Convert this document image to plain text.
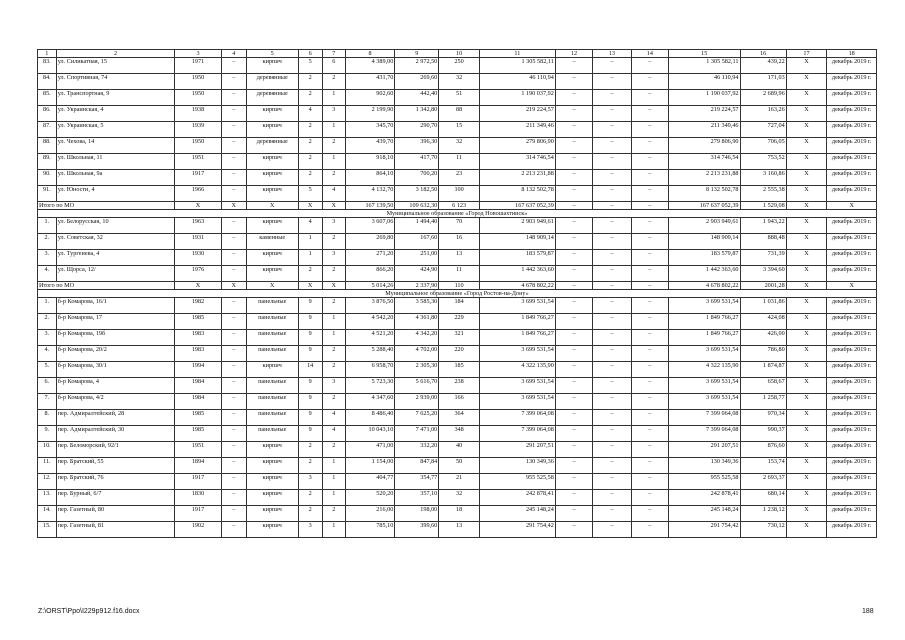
1	2	3	4	5	6	7	8	9	10	11	12	13	14	15	16	17	18
83.	ул. Силикатная, 15	1971	–	кирпич	5	6	4 389,00	2 972,50	250	1 305 582,11	–	–	–	1 305 582,11	439,22	X	декабрь 2019 г.
84.	ул. Спортивная, 74	1950	–	деревянные	2	2	431,70	269,60	32	46 110,94	–	–	–	46 110,94	171,03	X	декабрь 2019 г.
85.	ул. Транспортная, 9	1950	–	деревянные	2	1	902,60	442,40	51	1 190 037,92	–	–	–	1 190 037,92	2 689,96	X	декабрь 2019 г.
86.	ул. Украинская, 4	1938	–	кирпич	4	3	2 199,90	1 342,80	88	219 224,57	–	–	–	219 224,57	163,26	X	декабрь 2019 г.
87.	ул. Украинская, 5	1939	–	кирпич	2	1	345,70	290,70	15	211 349,46	–	–	–	211 349,46	727,04	X	декабрь 2019 г.
88.	ул. Чехова, 14	1950	–	деревянные	2	2	439,70	396,30	32	279 806,90	–	–	–	279 806,90	706,05	X	декабрь 2019 г.
89.	ул. Школьная, 11	1951	–	кирпич	2	1	918,10	417,70	11	314 746,54	–	–	–	314 746,54	753,52	X	декабрь 2019 г.
90.	ул. Школьная, 9а	1917	–	кирпич	2	2	864,10	700,20	23	2 213 231,88	–	–	–	2 213 231,88	3 160,86	X	декабрь 2019 г.
91.	ул. Юности, 4	1966	–	кирпич	5	4	4 132,70	3 182,50	100	8 132 502,78	–	–	–	8 132 502,78	2 555,38	X	декабрь 2019 г.
Итого по МО		X	X	X	X	X	167 139,50	109 632,30	6 123	167 637 052,39	–	–	–	167 637 052,39	1 529,08	X	X
Муниципальное образование «Город Новошахтинск»																	
1.	ул. Белорусская, 10	1963	–	кирпич	4	3	3 607,06	1 494,40	70	2 903 949,61	–	–	–	2 903 949,61	1 943,22	X	декабрь 2019 г.
2.	ул. Советская, 32	1931	–	каменные	1	2	269,80	167,60	16	148 909,14	–	–	–	148 909,14	888,48	X	декабрь 2019 г.
3.	ул. Тургенева, 4	1930	–	кирпич	1	3	271,20	251,00	13	183 579,87	–	–	–	183 579,87	731,39	X	декабрь 2019 г.
4.	ул. Щорса, 12/	1976	–	кирпич	2	2	866,20	424,90	11	1 442 363,60	–	–	–	1 442 363,60	3 394,60	X	декабрь 2019 г.
Итого по МО		X	X	X	X	X	5 014,26	2 337,90	110	4 678 802,22	–	–	–	4 678 802,22	2001,28	X	X
Муниципальное образование «Город Ростов-на-Дону»																	
1.	б-р Комарова, 16/1	1982	–	панельные	9	2	3 876,50	3 585,30	184	3 699 531,54	–	–	–	3 699 531,54	1 031,86	X	декабрь 2019 г.
2.	б-р Комарова, 17	1985	–	панельные	9	1	4 542,20	4 361,80	229	1 849 766,27	–	–	–	1 849 766,27	424,08	X	декабрь 2019 г.
3.	б-р Комарова, 19б	1983	–	панельные	9	1	4 521,20	4 342,20	321	1 849 766,27	–	–	–	1 849 766,27	426,00	X	декабрь 2019 г.
4.	б-р Комарова, 20/2	1983	–	панельные	9	2	5 288,40	4 702,00	220	3 699 531,54	–	–	–	3 699 531,54	786,80	X	декабрь 2019 г.
5.	б-р Комарова, 30/1	1994	–	кирпич	14	2	6 958,70	2 305,30	185	4 322 135,90	–	–	–	4 322 135,90	1 874,87	X	декабрь 2019 г.
6.	б-р Комарова, 4	1984	–	панельные	9	3	5 723,30	5 616,70	238	3 699 531,54	–	–	–	3 699 531,54	658,67	X	декабрь 2019 г.
7.	б-р Комарова, 4/2	1984	–	панельные	9	2	4 347,60	2 939,00	166	3 699 531,54	–	–	–	3 699 531,54	1 258,77	X	декабрь 2019 г.
8.	пер. Адмиралтейский, 28	1985	–	панельные	9	4	8 486,40	7 625,20	364	7 399 064,08	–	–	–	7 399 064,08	970,34	X	декабрь 2019 г.
9.	пер. Адмиралтейский, 30	1985	–	панельные	9	4	10 043,10	7 471,00	348	7 399 064,08	–	–	–	7 399 064,08	990,37	X	декабрь 2019 г.
10.	пер. Беломорский, 92/1	1951	–	кирпич	2	2	471,00	332,20	40	291 207,51	–	–	–	291 207,51	876,60	X	декабрь 2019 г.
11.	пер. Братский, 55	1894	–	кирпич	2	1	1 154,00	847,84	50	130 349,36	–	–	–	130 349,36	153,74	X	декабрь 2019 г.
12.	пер. Братский, 76	1917	–	кирпич	3	1	404,77	354,77	21	955 525,58	–	–	–	955 525,58	2 693,37	X	декабрь 2019 г.
13.	пер. Бурный, 6/7	1830	–	кирпич	2	1	520,20	357,10	32	242 878,41	–	–	–	242 878,41	680,14	X	декабрь 2019 г.
14.	пер. Газетный, 80	1917	–	кирпич	2	2	216,00	198,00	18	245 148,24	–	–	–	245 148,24	1 238,12	X	декабрь 2019 г.
15.	пер. Газетный, 81	1902	–	кирпич	3	1	785,10	399,60	13	291 754,42	–	–	–	291 754,42	730,12	X	декабрь 2019 г.
Z:\ORST\Ppo\I229p912.f16.docx	188
